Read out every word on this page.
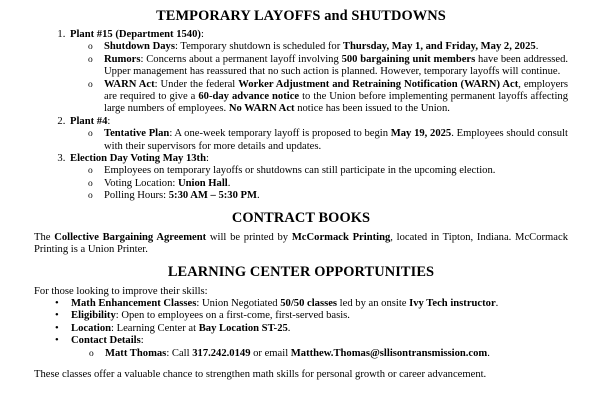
TEMPORARY LAYOFFS and SHUTDOWNS
1. Plant #15 (Department 1540):
o Shutdown Days: Temporary shutdown is scheduled for Thursday, May 1, and Friday, May 2, 2025.
o Rumors: Concerns about a permanent layoff involving 500 bargaining unit members have been addressed. Upper management has reassured that no such action is planned. However, temporary layoffs will continue.
o WARN Act: Under the federal Worker Adjustment and Retraining Notification (WARN) Act, employers are required to give a 60-day advance notice to the Union before implementing permanent layoffs affecting large numbers of employees. No WARN Act notice has been issued to the Union.
2. Plant #4:
o Tentative Plan: A one-week temporary layoff is proposed to begin May 19, 2025. Employees should consult with their supervisors for more details and updates.
3. Election Day Voting May 13th:
o Employees on temporary layoffs or shutdowns can still participate in the upcoming election.
o Voting Location: Union Hall.
o Polling Hours: 5:30 AM – 5:30 PM.
CONTRACT BOOKS

The Collective Bargaining Agreement will be printed by McCormack Printing, located in Tipton, Indiana. McCormack Printing is a Union Printer.

LEARNING CENTER OPPORTUNITIES

For those looking to improve their skills:

• Math Enhancement Classes: Union Negotiated 50/50 classes led by an onsite Ivy Tech instructor.
• Eligibility: Open to employees on a first-come, first-served basis.
• Location: Learning Center at Bay Location ST-25.
• Contact Details:
o Matt Thomas: Call 317.242.0149 or email Matthew.Thomas@sllisontransmission.com.

These classes offer a valuable chance to strengthen math skills for personal growth or career advancement.
